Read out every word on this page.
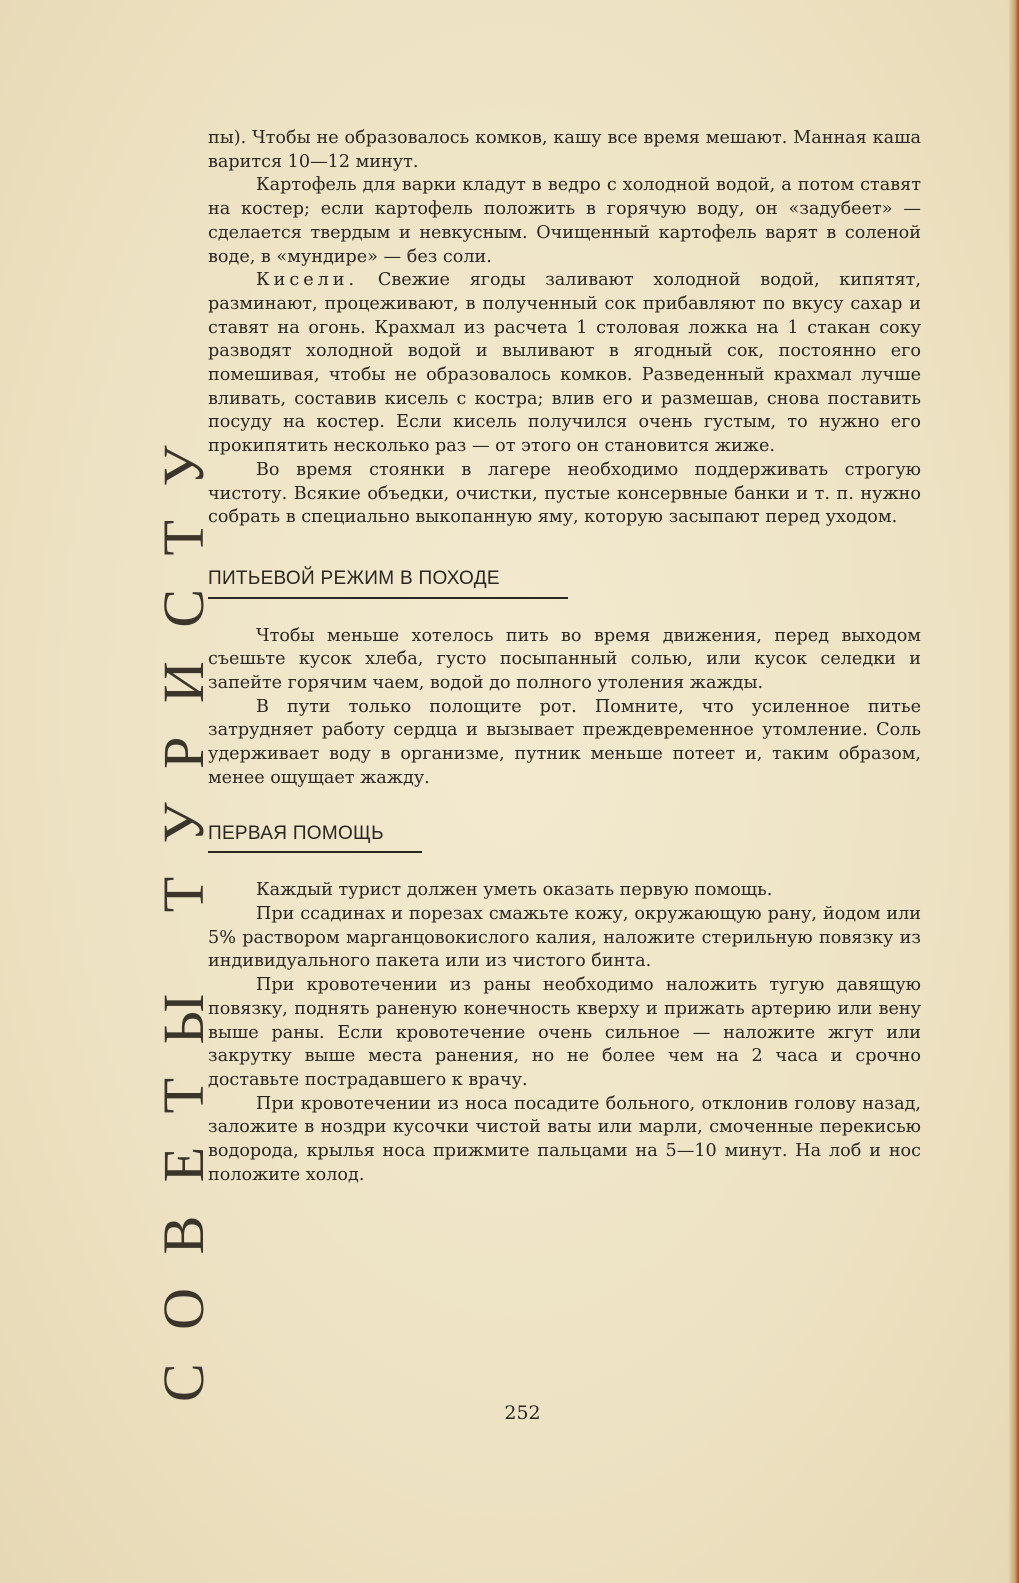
СОВЕТЫ ТУРИСТУ

пы). Чтобы не образовалось комков, кашу все время мешают. Манная каша варится 10—12 минут.

Картофель для варки кладут в ведро с холодной водой, а потом ставят на костер; если картофель положить в горячую воду, он «задубеет» — сделается твердым и невкусным. Очищенный картофель варят в соленой воде, в «мундире» — без соли.

Кисели. Свежие ягоды заливают холодной водой, кипятят, разминают, процеживают, в полученный сок прибавляют по вкусу сахар и ставят на огонь. Крахмал из расчета 1 столовая ложка на 1 стакан соку разводят холодной водой и выливают в ягодный сок, постоянно его помешивая, чтобы не образовалось комков. Разведенный крахмал лучше вливать, составив кисель с костра; влив его и размешав, снова поставить посуду на костер. Если кисель получился очень густым, то нужно его прокипятить несколько раз — от этого он становится жиже.

Во время стоянки в лагере необходимо поддерживать строгую чистоту. Всякие объедки, очистки, пустые консервные банки и т. п. нужно собрать в специально выкопанную яму, которую засыпают перед уходом.

ПИТЬЕВОЙ РЕЖИМ В ПОХОДЕ

Чтобы меньше хотелось пить во время движения, перед выходом съешьте кусок хлеба, густо посыпанный солью, или кусок селедки и запейте горячим чаем, водой до полного утоления жажды.

В пути только полощите рот. Помните, что усиленное питье затрудняет работу сердца и вызывает преждевременное утомление. Соль удерживает воду в организме, путник меньше потеет и, таким образом, менее ощущает жажду.

ПЕРВАЯ ПОМОЩЬ

Каждый турист должен уметь оказать первую помощь.

При ссадинах и порезах смажьте кожу, окружающую рану, йодом или 5% раствором марганцовокислого калия, наложите стерильную повязку из индивидуального пакета или из чистого бинта.

При кровотечении из раны необходимо наложить тугую давящую повязку, поднять раненую конечность кверху и прижать артерию или вену выше раны. Если кровотечение очень сильное — наложите жгут или закрутку выше места ранения, но не более чем на 2 часа и срочно доставьте пострадавшего к врачу.

При кровотечении из носа посадите больного, отклонив голову назад, заложите в ноздри кусочки чистой ваты или марли, смоченные перекисью водорода, крылья носа прижмите пальцами на 5—10 минут. На лоб и нос положите холод.

252
